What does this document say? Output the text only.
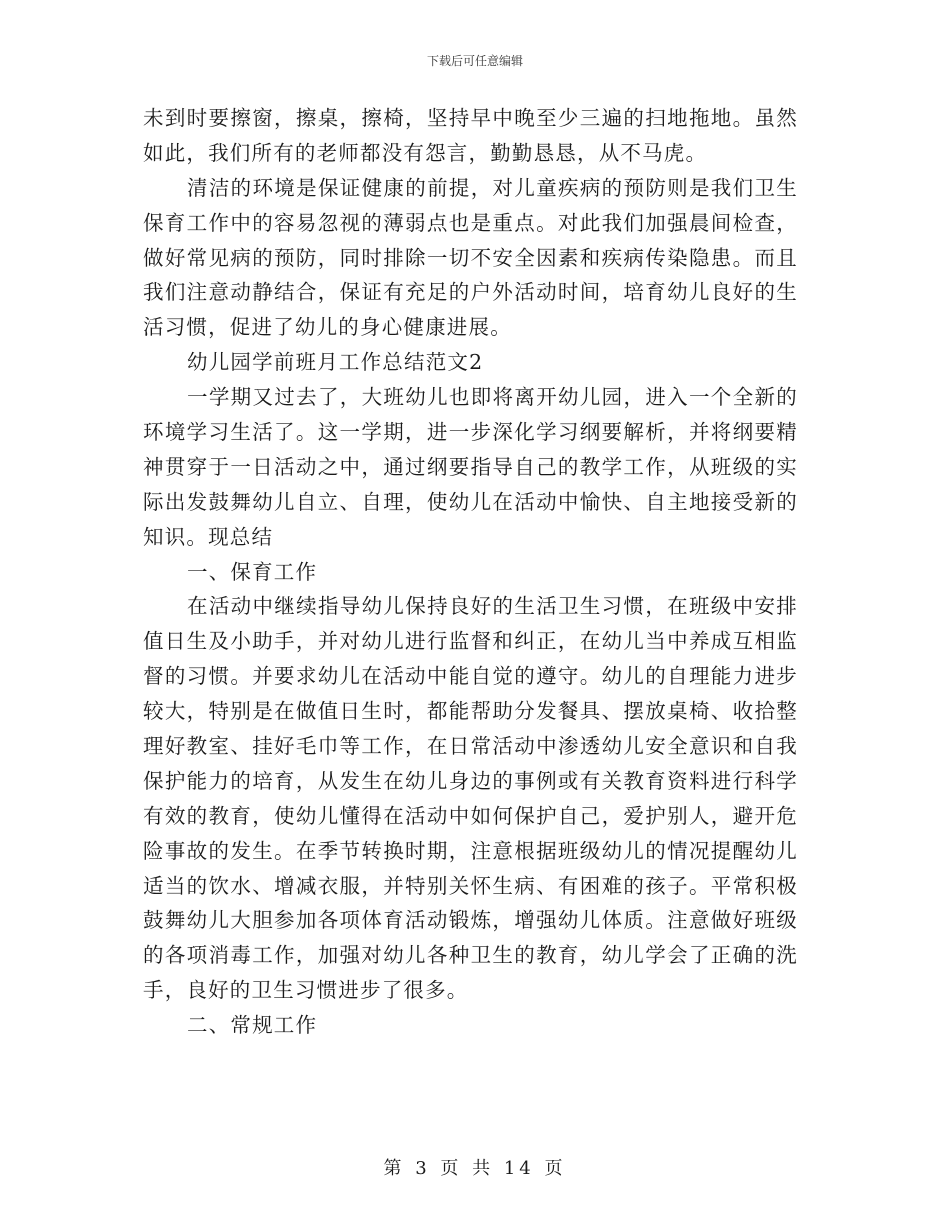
下载后可任意编辑
未到时要擦窗，擦桌，擦椅，坚持早中晚至少三遍的扫地拖地。虽然
如此，我们所有的老师都没有怨言，勤勤恳恳，从不马虎。
清洁的环境是保证健康的前提，对儿童疾病的预防则是我们卫生
保育工作中的容易忽视的薄弱点也是重点。对此我们加强晨间检查，
做好常见病的预防，同时排除一切不安全因素和疾病传染隐患。而且
我们注意动静结合，保证有充足的户外活动时间，培育幼儿良好的生
活习惯，促进了幼儿的身心健康进展。
幼儿园学前班月工作总结范文2
一学期又过去了，大班幼儿也即将离开幼儿园，进入一个全新的
环境学习生活了。这一学期，进一步深化学习纲要解析，并将纲要精
神贯穿于一日活动之中，通过纲要指导自己的教学工作，从班级的实
际出发鼓舞幼儿自立、自理，使幼儿在活动中愉快、自主地接受新的
知识。现总结
一、保育工作
在活动中继续指导幼儿保持良好的生活卫生习惯，在班级中安排
值日生及小助手，并对幼儿进行监督和纠正，在幼儿当中养成互相监
督的习惯。并要求幼儿在活动中能自觉的遵守。幼儿的自理能力进步
较大，特别是在做值日生时，都能帮助分发餐具、摆放桌椅、收拾整
理好教室、挂好毛巾等工作，在日常活动中渗透幼儿安全意识和自我
保护能力的培育，从发生在幼儿身边的事例或有关教育资料进行科学
有效的教育，使幼儿懂得在活动中如何保护自己，爱护别人，避开危
险事故的发生。在季节转换时期，注意根据班级幼儿的情况提醒幼儿
适当的饮水、增减衣服，并特别关怀生病、有困难的孩子。平常积极
鼓舞幼儿大胆参加各项体育活动锻炼，增强幼儿体质。注意做好班级
的各项消毒工作，加强对幼儿各种卫生的教育，幼儿学会了正确的洗
手，良好的卫生习惯进步了很多。
二、常规工作
第 3 页 共 14 页
